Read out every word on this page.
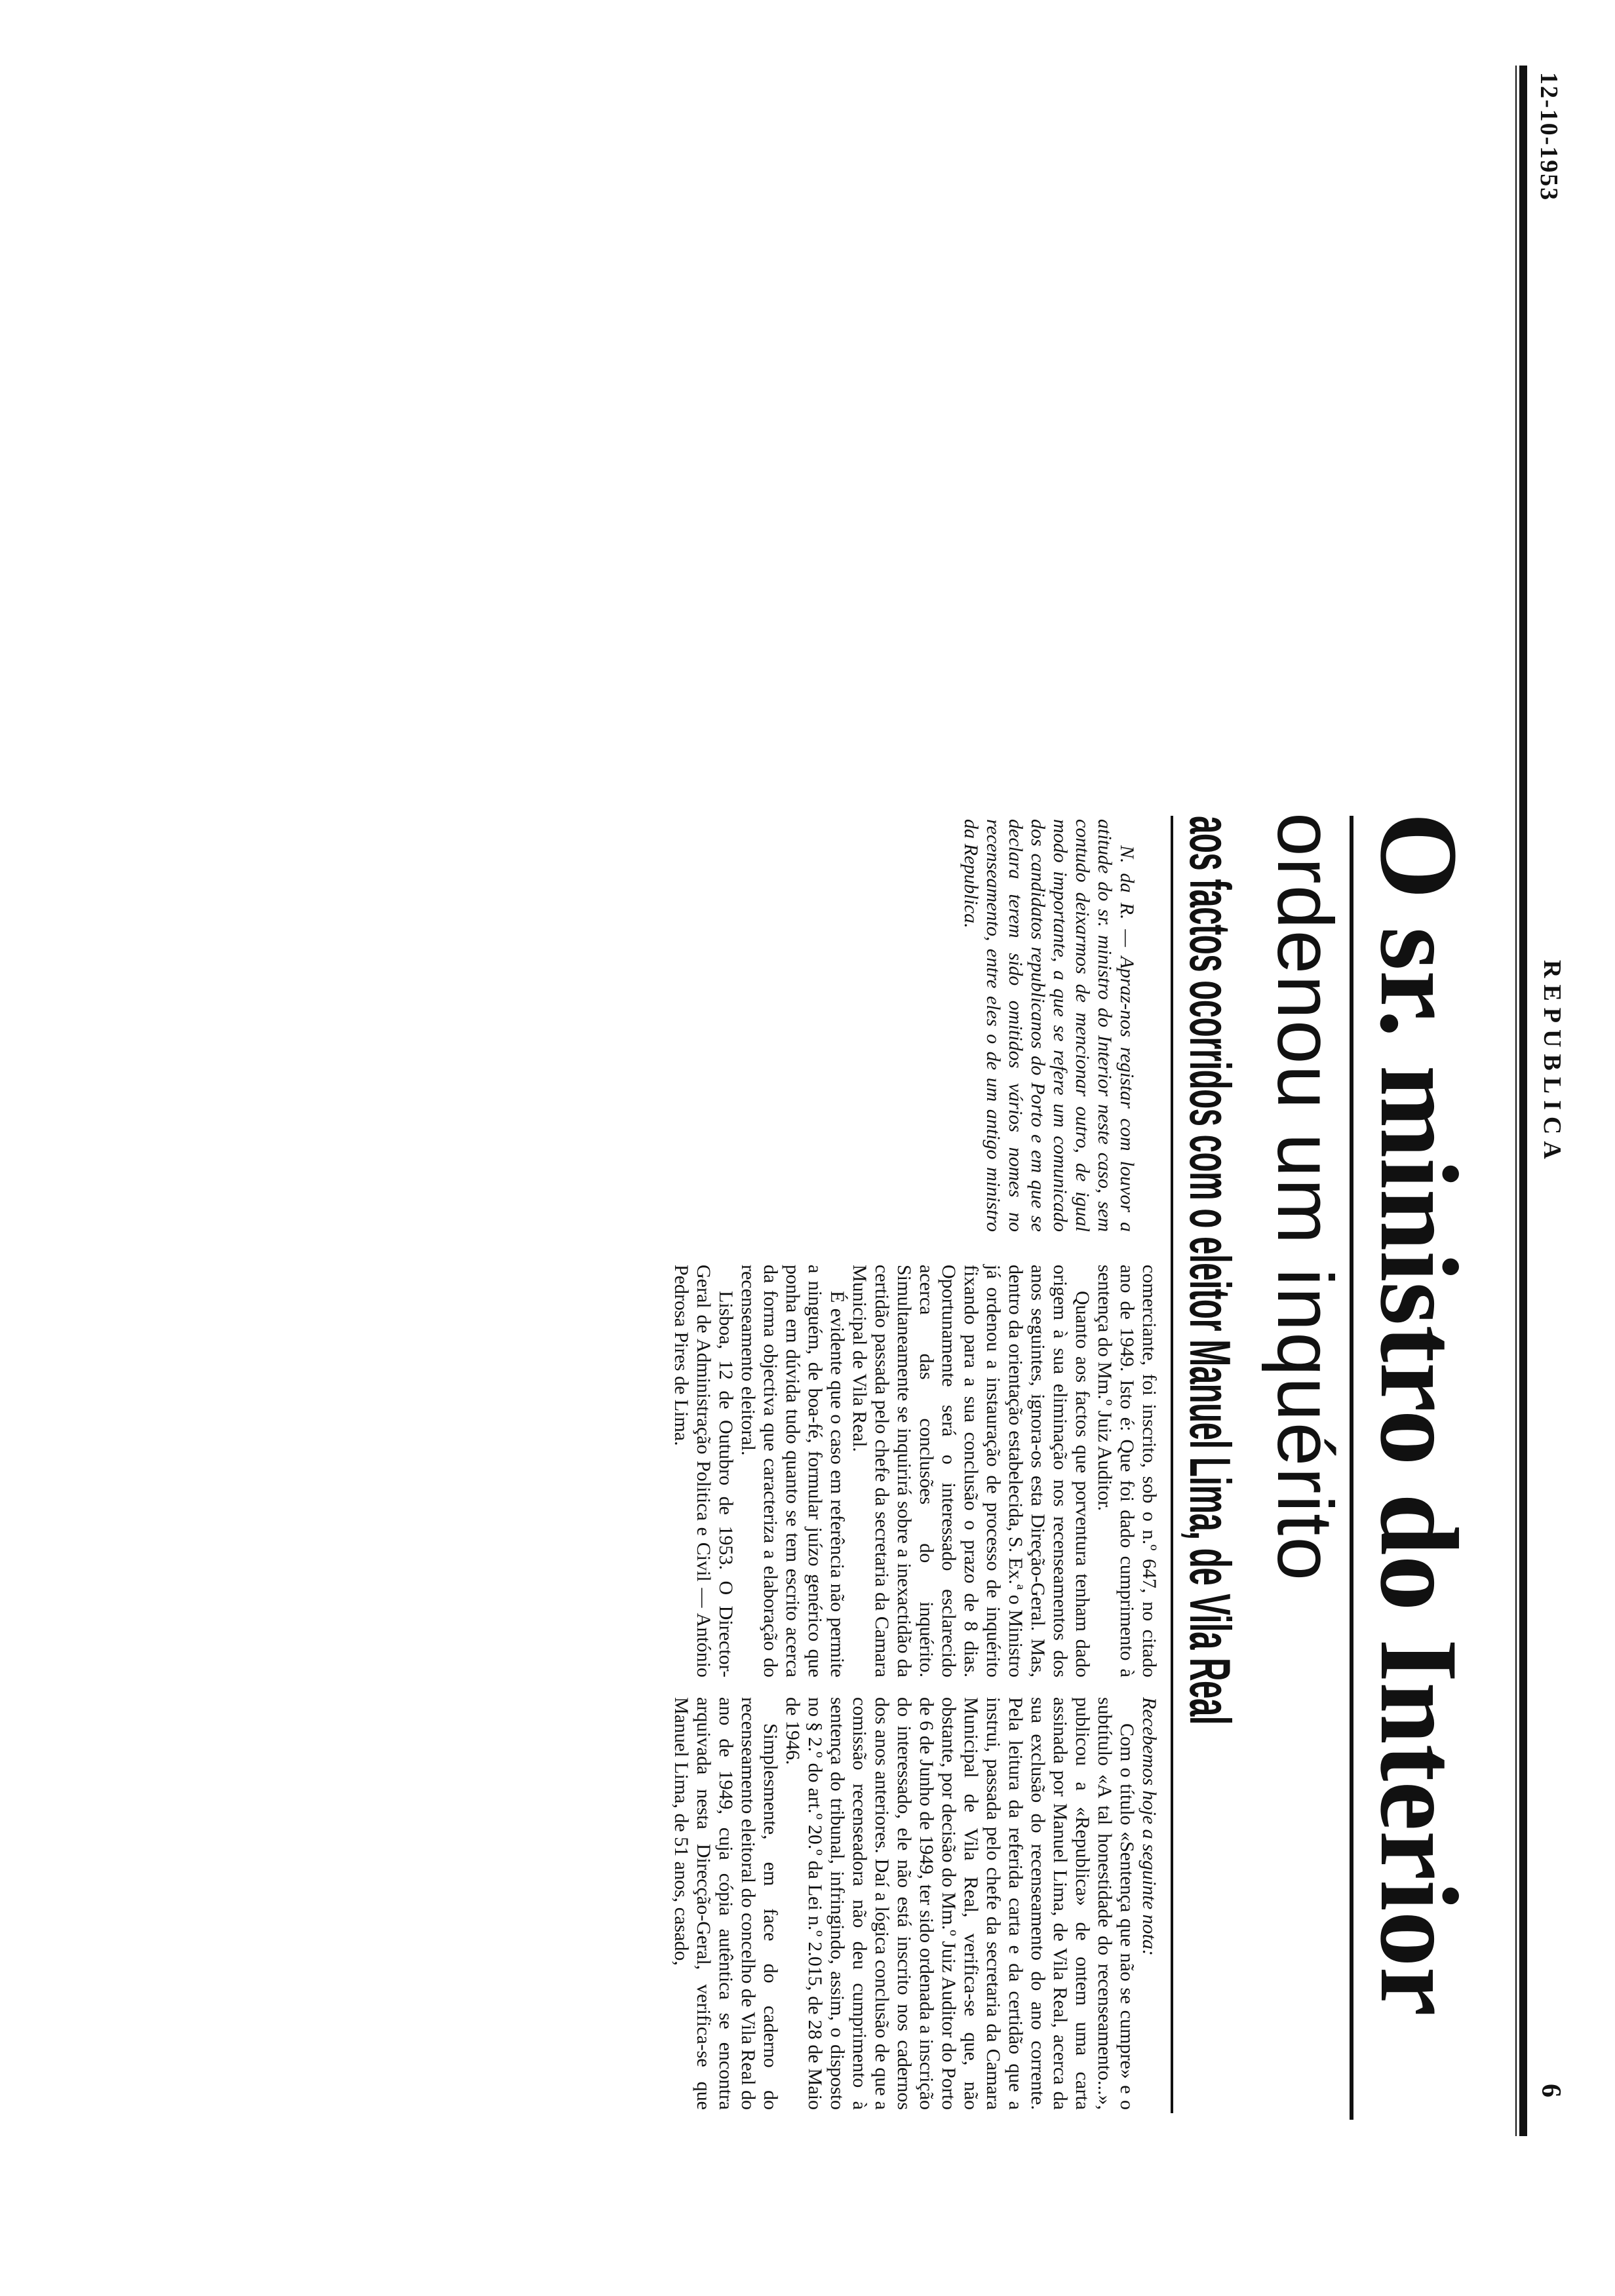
12-10-1953
REPUBLICA
6
O sr. ministro do Interior
ordenou um inquérito
aos factos ocorridos com o eleitor Manuel Lima, de Vila Real

Recebemos hoje a seguinte nota:

Com o título «Sentença que não se cumpre» e o subtítulo «A tal honestidade do recenseamento...», publicou a «Republica» de ontem uma carta assinada por Manuel Lima, de Vila Real, acerca da sua exclusão do recenseamento do ano corrente. Pela leitura da referida carta e da certidão que a instrui, passada pelo chefe da secretaria da Camara Municipal de Vila Real, verifica-se que, não obstante, por decisão do Mm.º Juiz Auditor do Porto de 6 de Junho de 1949, ter sido ordenada a inscrição do interessado, ele não está inscrito nos cadernos dos anos anteriores. Daí a lógica conclusão de que a comissão recenseadora não deu cumprimento à sentença do tribunal, infringindo, assim, o disposto no § 2.º do art.º 20.º da Lei n.º 2.015, de 28 de Maio de 1946.

Simplesmente, em face do caderno do recenseamento eleitoral do concelho de Vila Real do ano de 1949, cuja cópia autêntica se encontra arquivada nesta Direcção-Geral, verifica-se que Manuel Lima, de 51 anos, casado,

comerciante, foi inscrito, sob o n.º 647, no citado ano de 1949. Isto é: Que foi dado cumprimento à sentença do Mm.º Juiz Auditor.

Quanto aos factos que porventura tenham dado origem à sua eliminação nos recenseamentos dos anos seguintes, ignora-os esta Direção-Geral. Mas, dentro da orientação estabelecida, S. Ex.ª o Ministro já ordenou a instauração de processo de inquérito fixando para a sua conclusão o prazo de 8 dias. Oportunamente será o interessado esclarecido acerca das conclusões do inquérito. Simultaneamente se inquirirá sobre a inexactidão da certidão passada pelo chefe da secretaria da Camara Municipal de Vila Real.

É evidente que o caso em referência não permite a ninguém, de boa-fé, formular juízo genérico que ponha em dúvida tudo quanto se tem escrito acerca da forma objectiva que caracteriza a elaboração do recenseamento eleitoral.

Lisboa, 12 de Outubro de 1953. O Director-Geral de Administração Politica e Civil — António Pedrosa Pires de Lima.

N. da R. — Apraz-nos registar com louvor a atitude do sr. ministro do Interior neste caso, sem contudo deixarmos de mencionar outro, de igual modo importante, a que se refere um comunicado dos candidatos republicanos do Porto e em que se declara terem sido omitidos vários nomes no recenseamento, entre eles o de um antigo ministro da Republica.
